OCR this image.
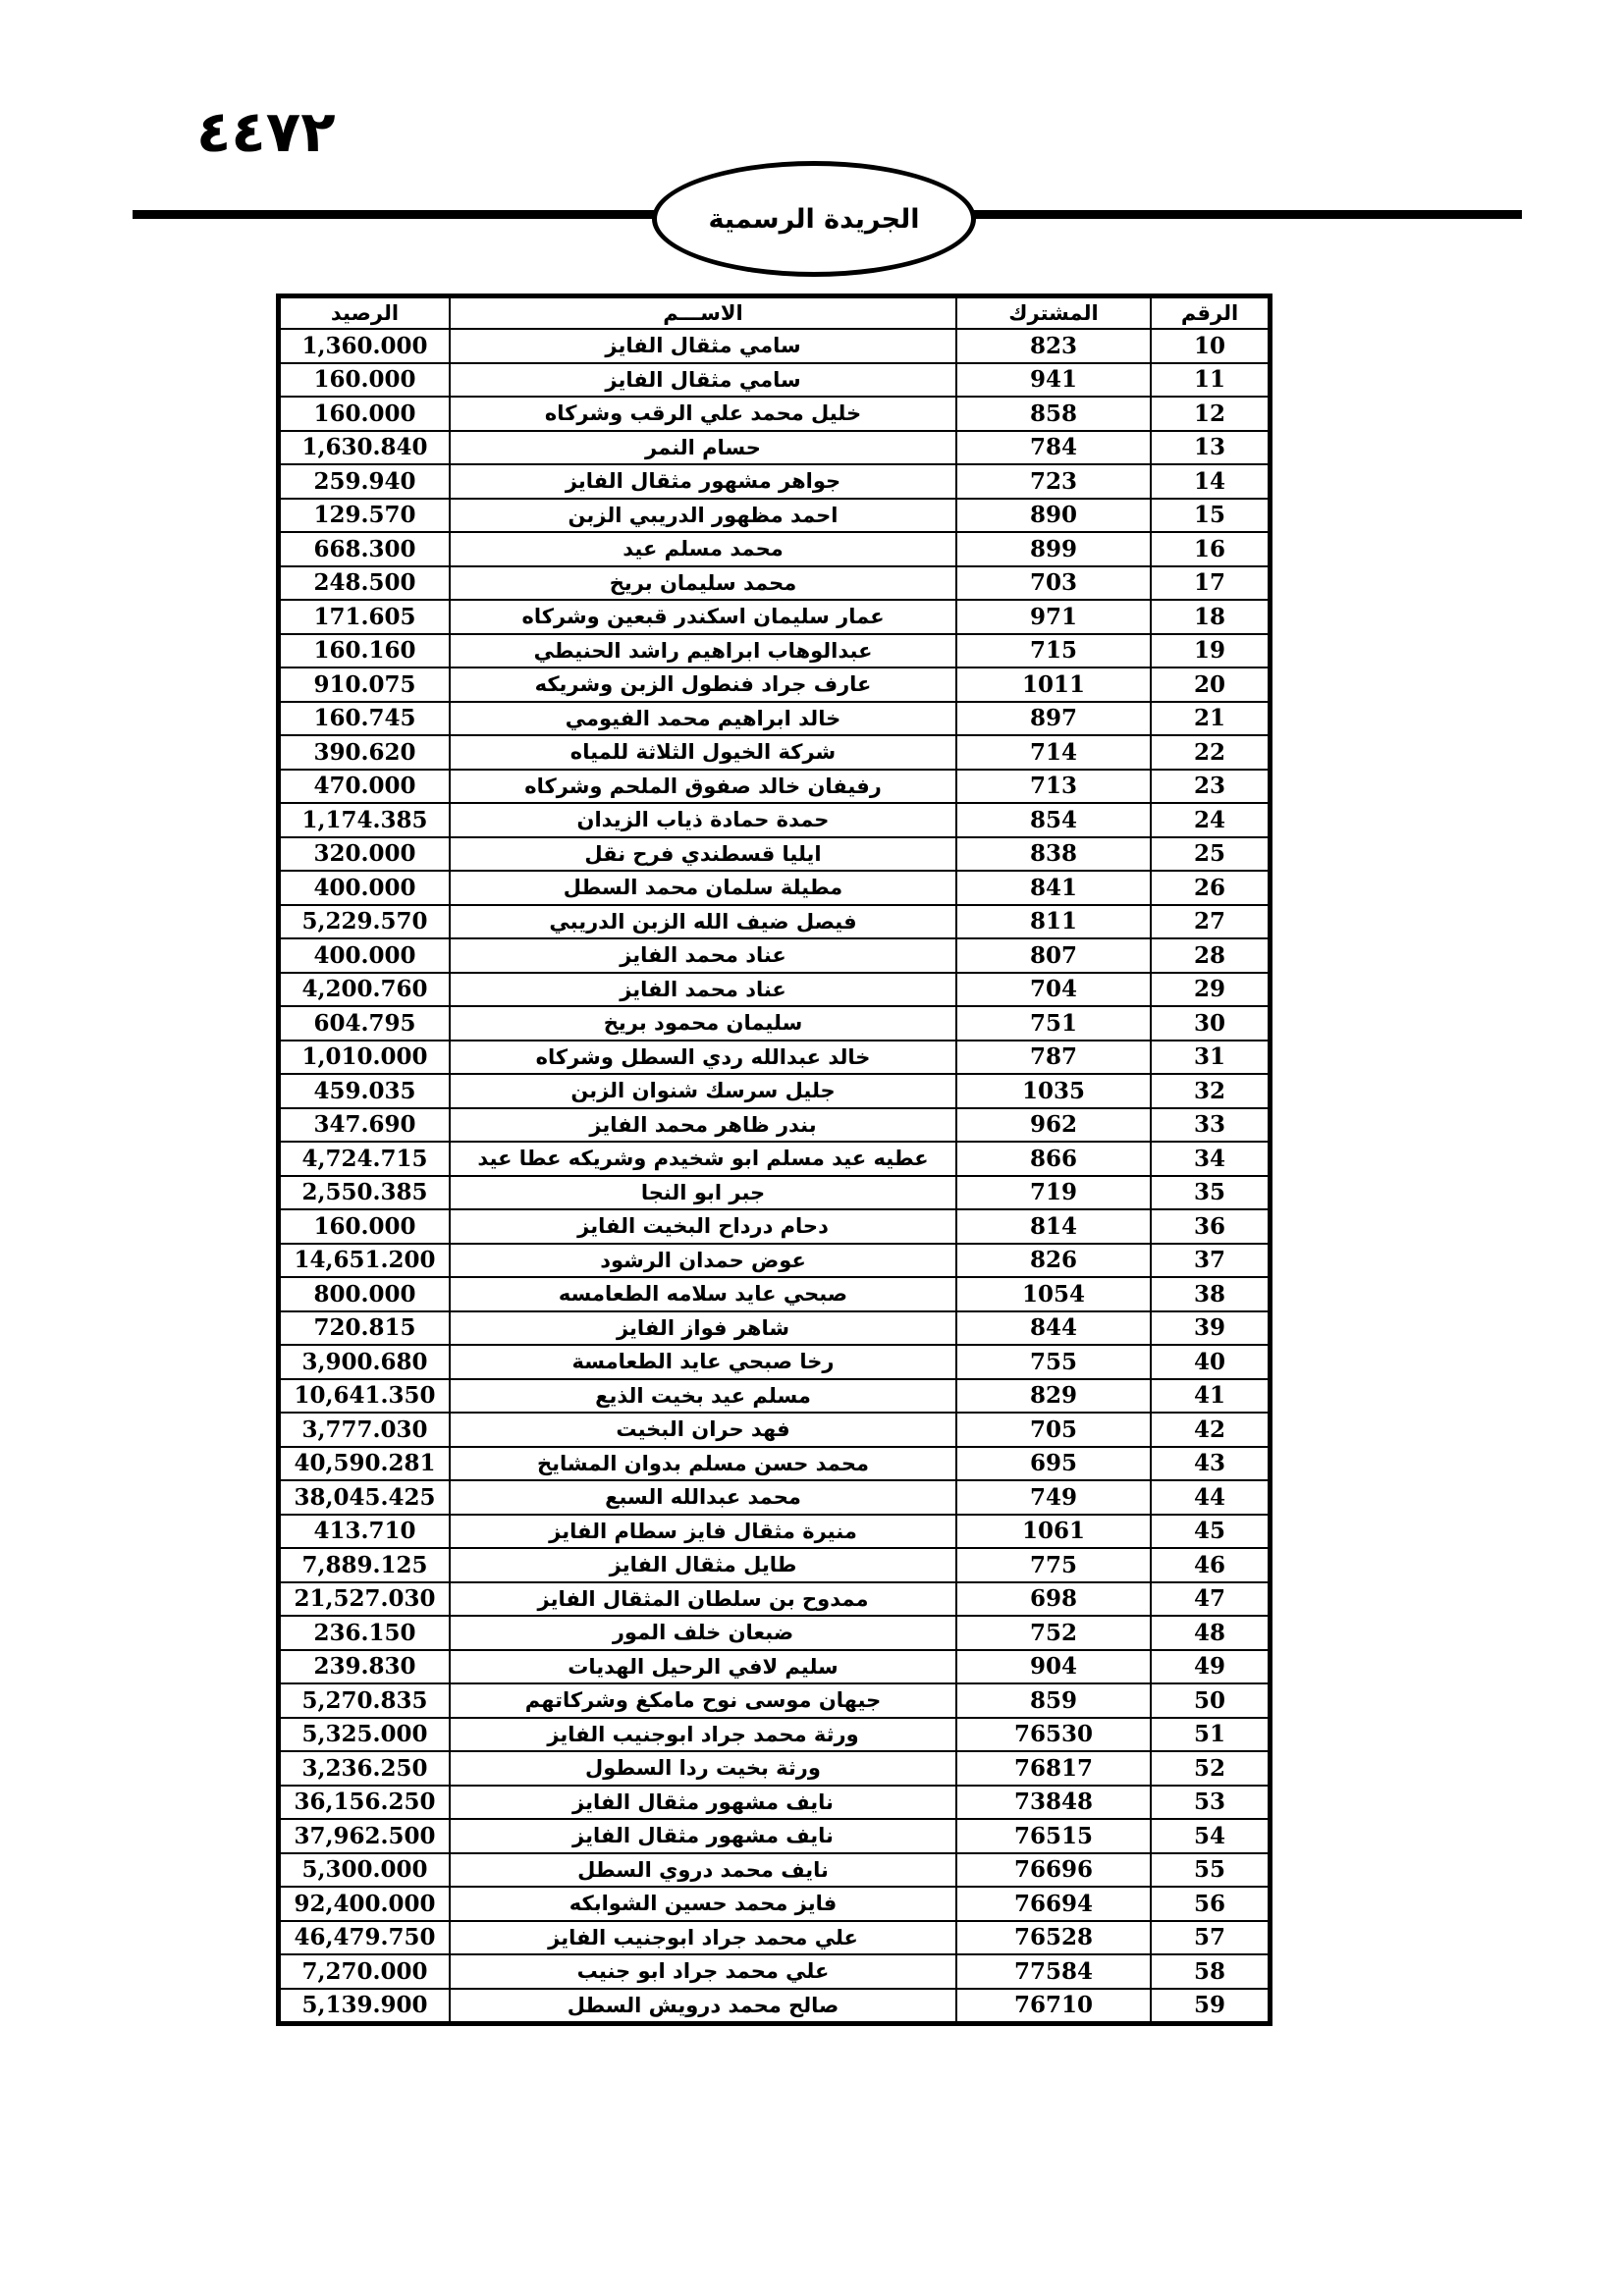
٤٤٧٢
الجريدة الرسمية
الرقم	المشترك	الاســـم	الرصيد
10	823	سامي مثقال الفايز	1,360.000
11	941	سامي مثقال الفايز	160.000
12	858	خليل محمد علي الرقب وشركاه	160.000
13	784	حسام النمر	1,630.840
14	723	جواهر مشهور مثقال الفايز	259.940
15	890	احمد مظهور الدريبي الزبن	129.570
16	899	محمد مسلم عيد	668.300
17	703	محمد سليمان بريخ	248.500
18	971	عمار سليمان اسكندر قبعين وشركاه	171.605
19	715	عبدالوهاب ابراهيم راشد الحنيطي	160.160
20	1011	عارف جراد فنطول الزبن وشريكه	910.075
21	897	خالد ابراهيم محمد الفيومي	160.745
22	714	شركة الخيول الثلاثة للمياه	390.620
23	713	رفيفان خالد صفوق الملحم وشركاه	470.000
24	854	حمدة حمادة ذياب الزيدان	1,174.385
25	838	ايليا قسطندي فرح نقل	320.000
26	841	مطيلة سلمان محمد السطل	400.000
27	811	فيصل ضيف الله الزبن الدريبي	5,229.570
28	807	عناد محمد الفايز	400.000
29	704	عناد محمد الفايز	4,200.760
30	751	سليمان محمود بريخ	604.795
31	787	خالد عبدالله ردي السطل وشركاه	1,010.000
32	1035	جليل سرسك شنوان الزبن	459.035
33	962	بندر ظاهر محمد الفايز	347.690
34	866	عطيه عيد مسلم ابو شخيدم وشريكه عطا عيد	4,724.715
35	719	جبر ابو النجا	2,550.385
36	814	دحام درداح البخيت الفايز	160.000
37	826	عوض حمدان الرشود	14,651.200
38	1054	صبحي عايد سلامه الطعامسه	800.000
39	844	شاهر فواز الفايز	720.815
40	755	رخا صبحي عايد الطعامسة	3,900.680
41	829	مسلم عيد بخيت الذيع	10,641.350
42	705	فهد حران البخيت	3,777.030
43	695	محمد حسن مسلم بدوان المشايخ	40,590.281
44	749	محمد عبدالله السبع	38,045.425
45	1061	منيرة مثقال فايز سطام الفايز	413.710
46	775	طايل مثقال الفايز	7,889.125
47	698	ممدوح بن سلطان المثقال الفايز	21,527.030
48	752	ضبعان خلف المور	236.150
49	904	سليم لافي الرحيل الهديات	239.830
50	859	جيهان موسى نوح مامكغ وشركاتهم	5,270.835
51	76530	ورثة محمد جراد ابوجنيب الفايز	5,325.000
52	76817	ورثة بخيت ردا السطول	3,236.250
53	73848	نايف مشهور مثقال الفايز	36,156.250
54	76515	نايف مشهور مثقال الفايز	37,962.500
55	76696	نايف محمد دروي السطل	5,300.000
56	76694	فايز محمد حسين الشوابكه	92,400.000
57	76528	علي محمد جراد ابوجنيب الفايز	46,479.750
58	77584	علي محمد جراد ابو جنيب	7,270.000
59	76710	صالح محمد درويش السطل	5,139.900
